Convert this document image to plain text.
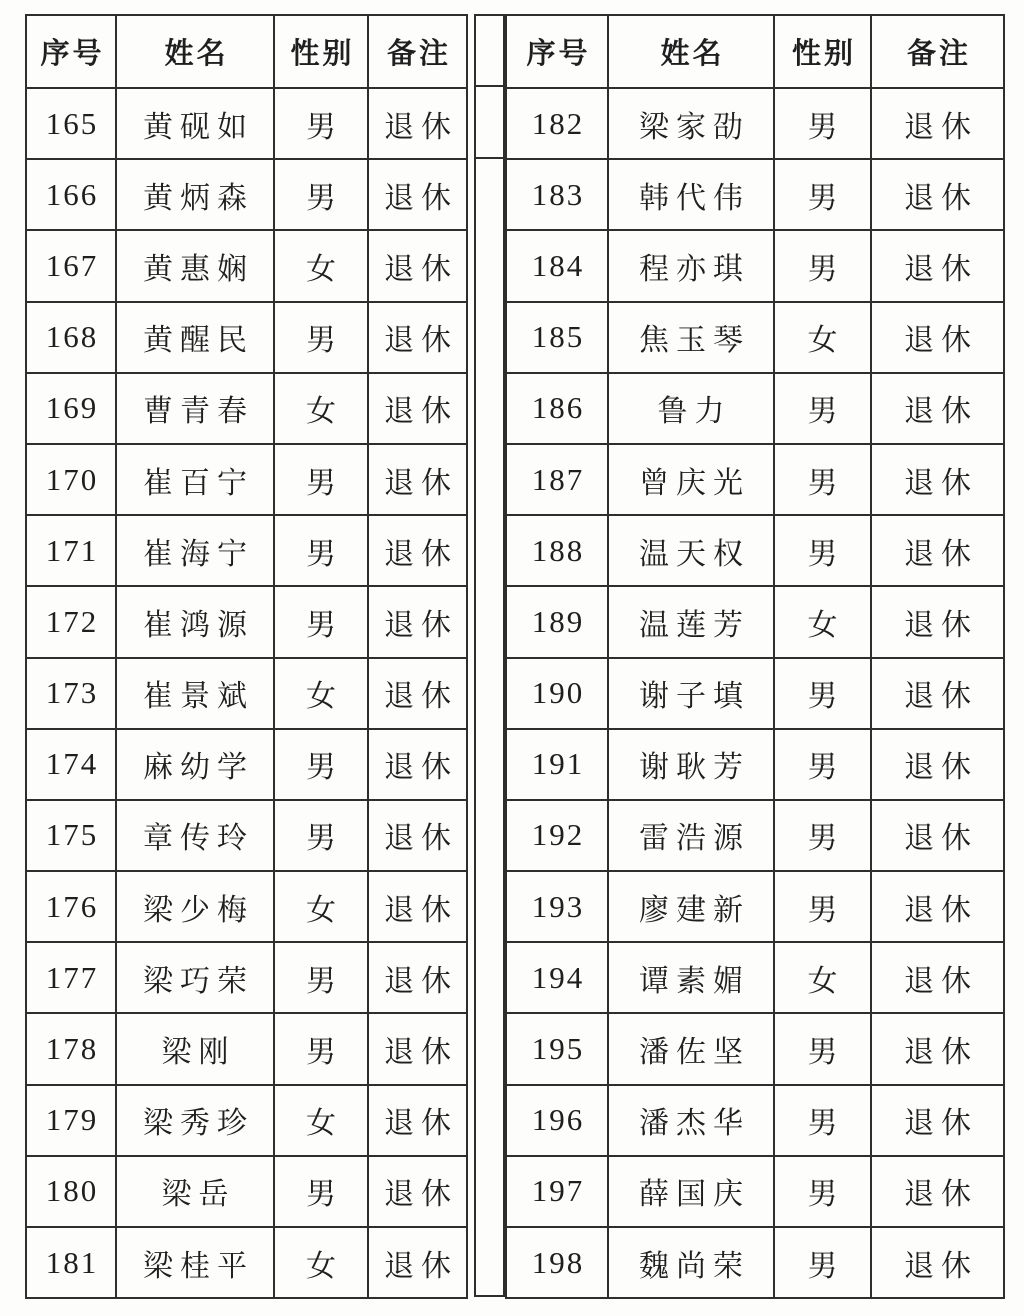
序号	姓名	性别	备注
165	黄砚如	男	退休
166	黄炳森	男	退休
167	黄惠娴	女	退休
168	黄醒民	男	退休
169	曹青春	女	退休
170	崔百宁	男	退休
171	崔海宁	男	退休
172	崔鸿源	男	退休
173	崔景斌	女	退休
174	麻幼学	男	退休
175	章传玲	男	退休
176	梁少梅	女	退休
177	梁巧荣	男	退休
178	梁刚	男	退休
179	梁秀珍	女	退休
180	梁岳	男	退休
181	梁桂平	女	退休
序号	姓名	性别	备注
182	梁家劭	男	退休
183	韩代伟	男	退休
184	程亦琪	男	退休
185	焦玉琴	女	退休
186	鲁力	男	退休
187	曾庆光	男	退休
188	温天权	男	退休
189	温莲芳	女	退休
190	谢子填	男	退休
191	谢耿芳	男	退休
192	雷浩源	男	退休
193	廖建新	男	退休
194	谭素媚	女	退休
195	潘佐坚	男	退休
196	潘杰华	男	退休
197	薛国庆	男	退休
198	魏尚荣	男	退休
